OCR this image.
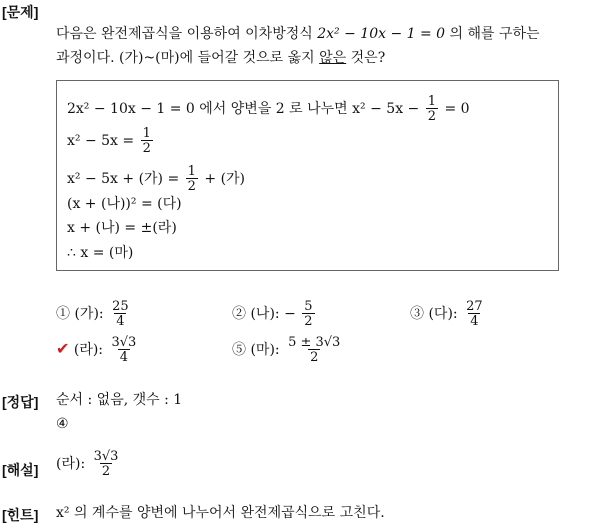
[문제]
다음은 완전제곱식을 이용하여 이차방정식 2x² − 10x − 1 = 0 의 해를 구하는
과정이다. (가)~(마)에 들어갈 것으로 옳지 않은 것은?
2x² − 10x − 1 = 0 에서 양변을 2 로 나누면 $x^2 - 5x - \frac{1}{2} = 0$
$x^2 - 5x = \frac{1}{2}$
x² − 5x + (가) = $\frac{1}{2}$ + (가)
(x + (나))² = (다)
x + (나) = ±(라)
∴ x = (마)
① (가): $\frac{25}{4}$	② (나): − $\frac{5}{2}$	③ (다): $\frac{27}{4}$
✔ (라): $\frac{3√3}{4}$	⑤ (마): $\frac{5 \pm 3√3}{2}$
[정답] 순서 : 없음, 갯수 : 1
④
[해설] (라): $\frac{3√3}{2}$
[힌트] x² 의 계수를 양변에 나누어서 완전제곱식으로 고친다.
